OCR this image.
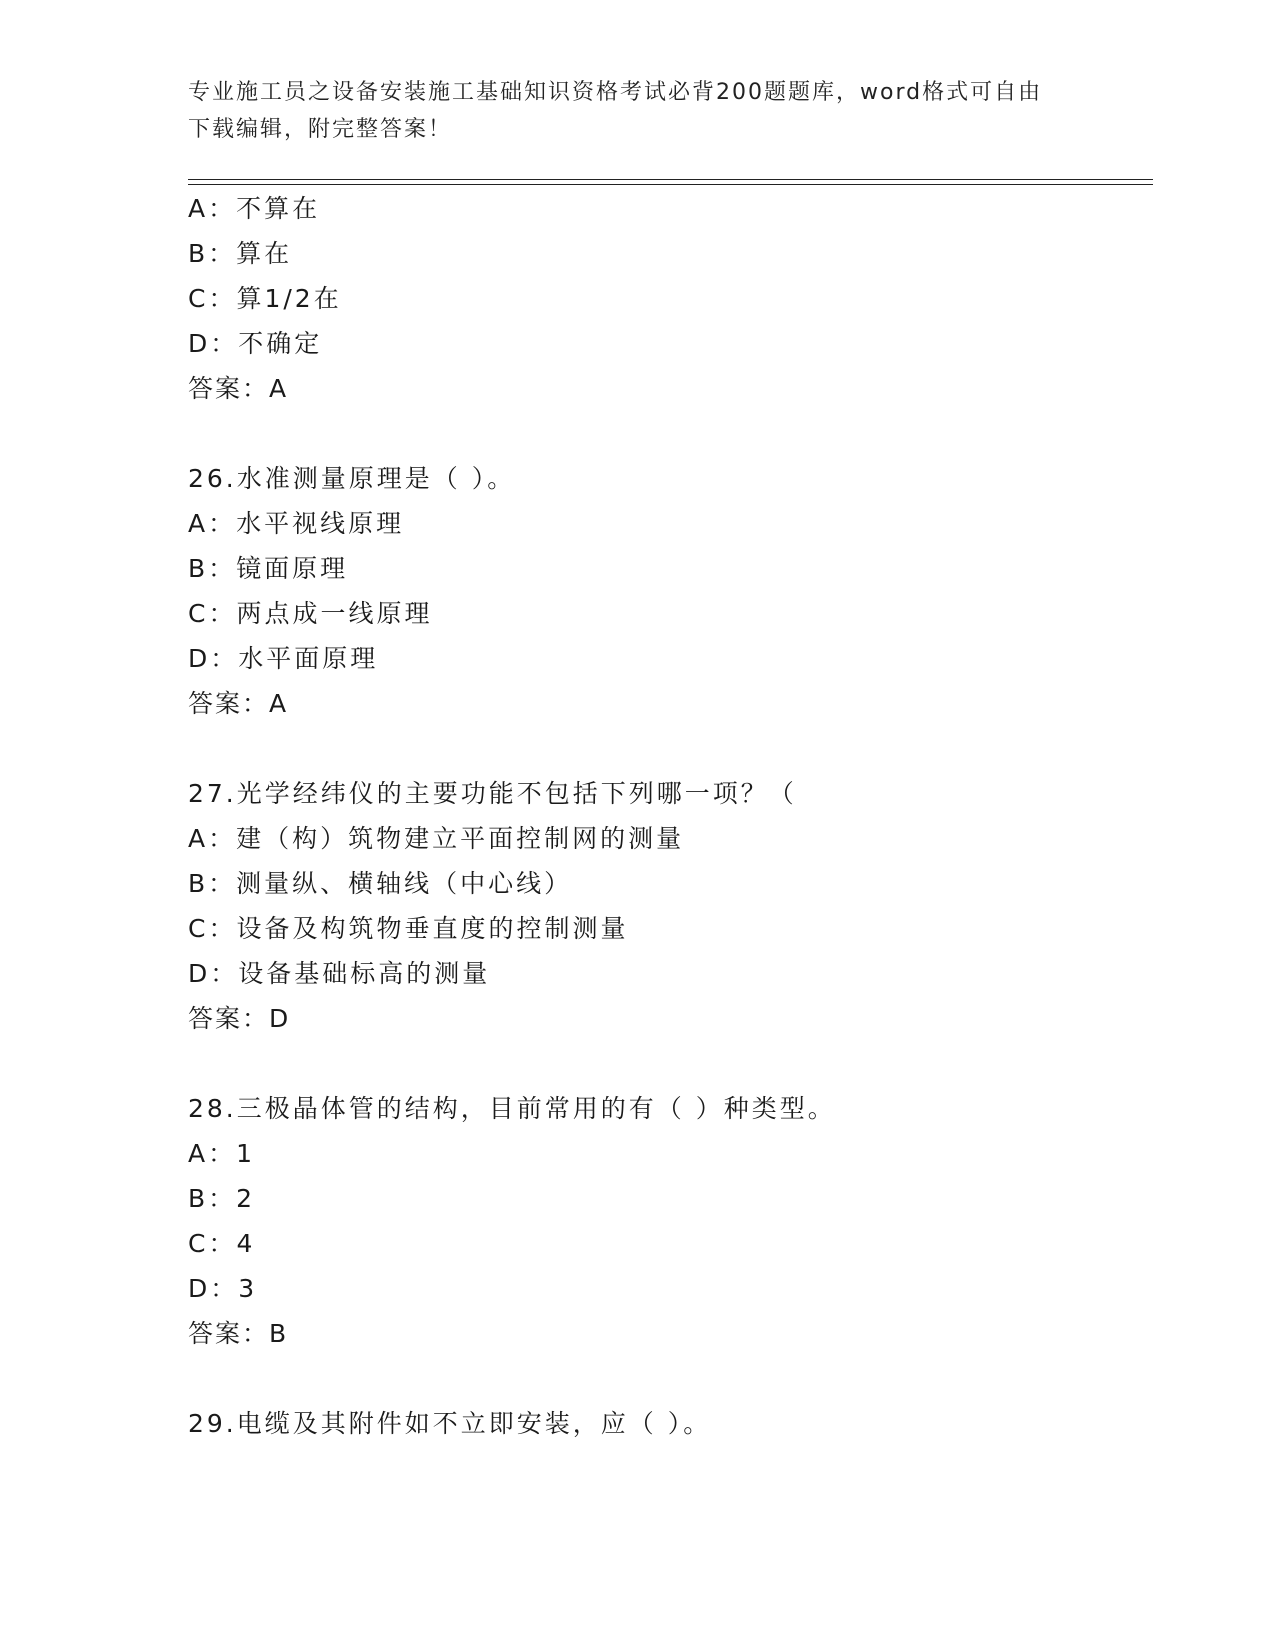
专业施工员之设备安装施工基础知识资格考试必背200题题库，word格式可自由
下载编辑，附完整答案！
A：不算在
B：算在
C：算1/2在
D：不确定
答案：A
26.水准测量原理是（ ）。
A：水平视线原理
B：镜面原理
C：两点成一线原理
D：水平面原理
答案：A
27.光学经纬仪的主要功能不包括下列哪一项？（
A：建（构）筑物建立平面控制网的测量
B：测量纵、横轴线（中心线）
C：设备及构筑物垂直度的控制测量
D：设备基础标高的测量
答案：D
28.三极晶体管的结构，目前常用的有（ ）种类型。
A：1
B：2
C：4
D：3
答案：B
29.电缆及其附件如不立即安装，应（ ）。
